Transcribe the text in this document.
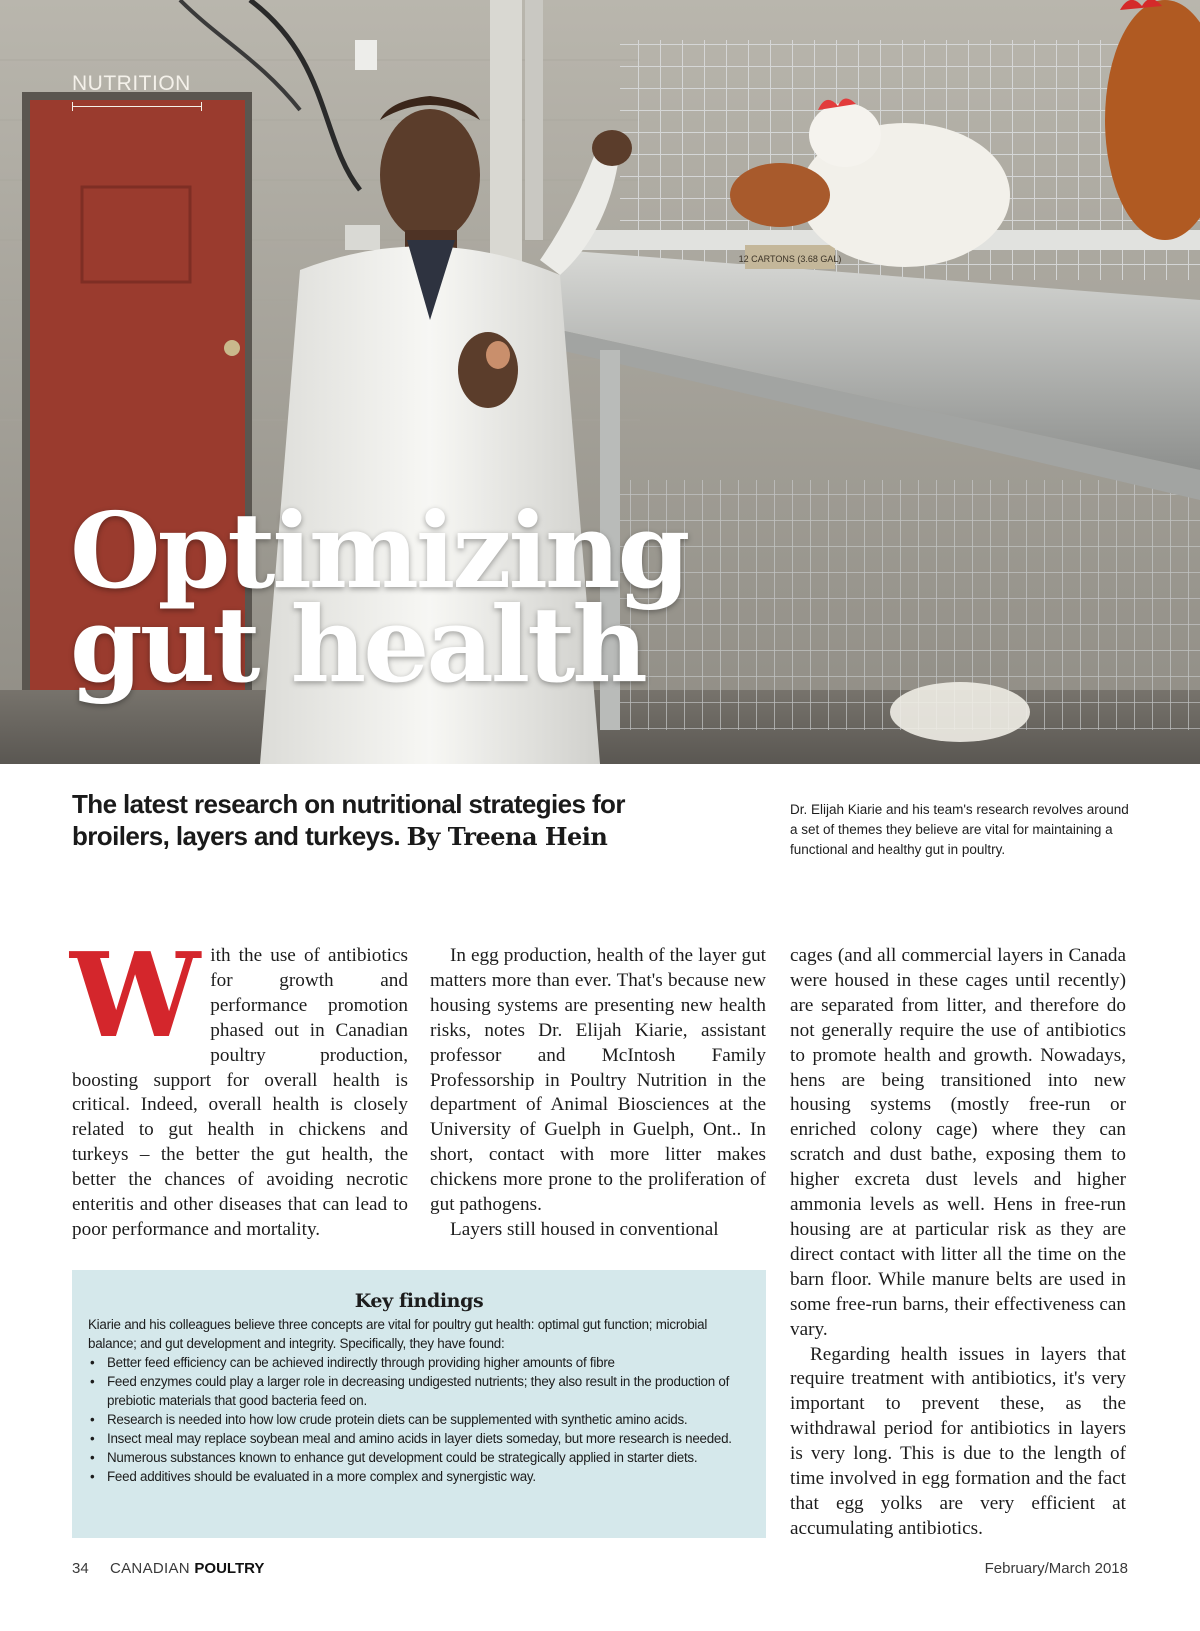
12 CARTONS (3.68 GAL)
NUTRITION
Optimizing
gut health
The latest research on nutritional strategies for broilers, layers and turkeys. By Treena Hein
Dr. Elijah Kiarie and his team's research revolves around a set of themes they believe are vital for maintaining a functional and healthy gut in poultry.
W ith the use of antibiotics for growth and performance promotion phased out in Canadian poultry production, boosting support for overall health is critical. Indeed, overall health is closely related to gut health in chickens and turkeys – the better the gut health, the better the chances of avoiding necrotic enteritis and other diseases that can lead to poor performance and mortality.

In egg production, health of the layer gut matters more than ever. That's because new housing systems are presenting new health risks, notes Dr. Elijah Kiarie, assistant professor and McIntosh Family Professorship in Poultry Nutrition in the department of Animal Biosciences at the University of Guelph in Guelph, Ont.. In short, contact with more litter makes chickens more prone to the proliferation of gut pathogens.

Layers still housed in conventional

cages (and all commercial layers in Canada were housed in these cages until recently) are separated from litter, and therefore do not generally require the use of antibiotics to promote health and growth. Nowadays, hens are being transitioned into new housing systems (mostly free-run or enriched colony cage) where they can scratch and dust bathe, exposing them to higher excreta dust levels and higher ammonia levels as well. Hens in free-run housing are at particular risk as they are direct contact with litter all the time on the barn floor. While manure belts are used in some free-run barns, their effectiveness can vary.

Regarding health issues in layers that require treatment with antibiotics, it's very important to prevent these, as the withdrawal period for antibiotics in layers is very long. This is due to the length of time involved in egg formation and the fact that egg yolks are very efficient at accumulating antibiotics.

Key findings
Kiarie and his colleagues believe three concepts are vital for poultry gut health: optimal gut function; microbial balance; and gut development and integrity. Specifically, they have found:
• Better feed efficiency can be achieved indirectly through providing higher amounts of fibre
• Feed enzymes could play a larger role in decreasing undigested nutrients; they also result in the production of prebiotic materials that good bacteria feed on.
• Research is needed into how low crude protein diets can be supplemented with synthetic amino acids.
• Insect meal may replace soybean meal and amino acids in layer diets someday, but more research is needed.
• Numerous substances known to enhance gut development could be strategically applied in starter diets.
• Feed additives should be evaluated in a more complex and synergistic way.
34 CANADIAN POULTRY	February/March 2018
